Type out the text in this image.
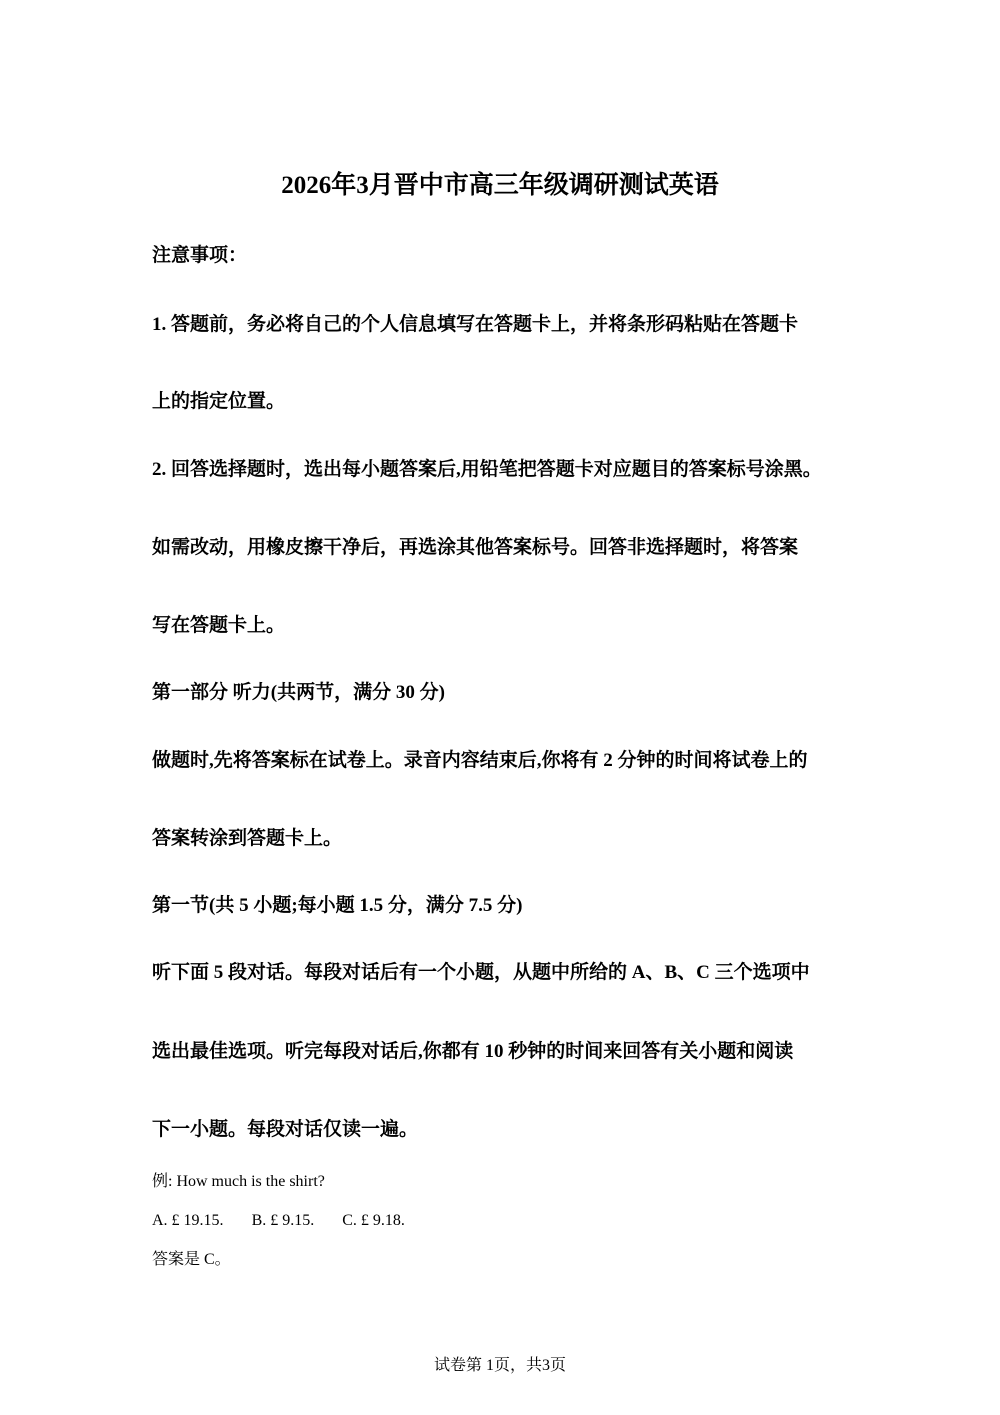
2026年3月晋中市高三年级调研测试英语
注意事项：
1. 答题前，务必将自己的个人信息填写在答题卡上，并将条形码粘贴在答题卡
上的指定位置。
2. 回答选择题时，选出每小题答案后,用铅笔把答题卡对应题目的答案标号涂黑。
如需改动，用橡皮擦干净后，再选涂其他答案标号。回答非选择题时，将答案
写在答题卡上。
第一部分 听力(共两节，满分 30 分)
做题时,先将答案标在试卷上。录音内容结束后,你将有 2 分钟的时间将试卷上的
答案转涂到答题卡上。
第一节(共 5 小题;每小题 1.5 分，满分 7.5 分)
听下面 5 段对话。每段对话后有一个小题，从题中所给的 A、B、C 三个选项中
选出最佳选项。听完每段对话后,你都有 10 秒钟的时间来回答有关小题和阅读
下一小题。每段对话仅读一遍。
例: How much is the shirt?
A. £ 19.15. B. £ 9.15. C. £ 9.18.
答案是 C。
试卷第 1页，共3页
